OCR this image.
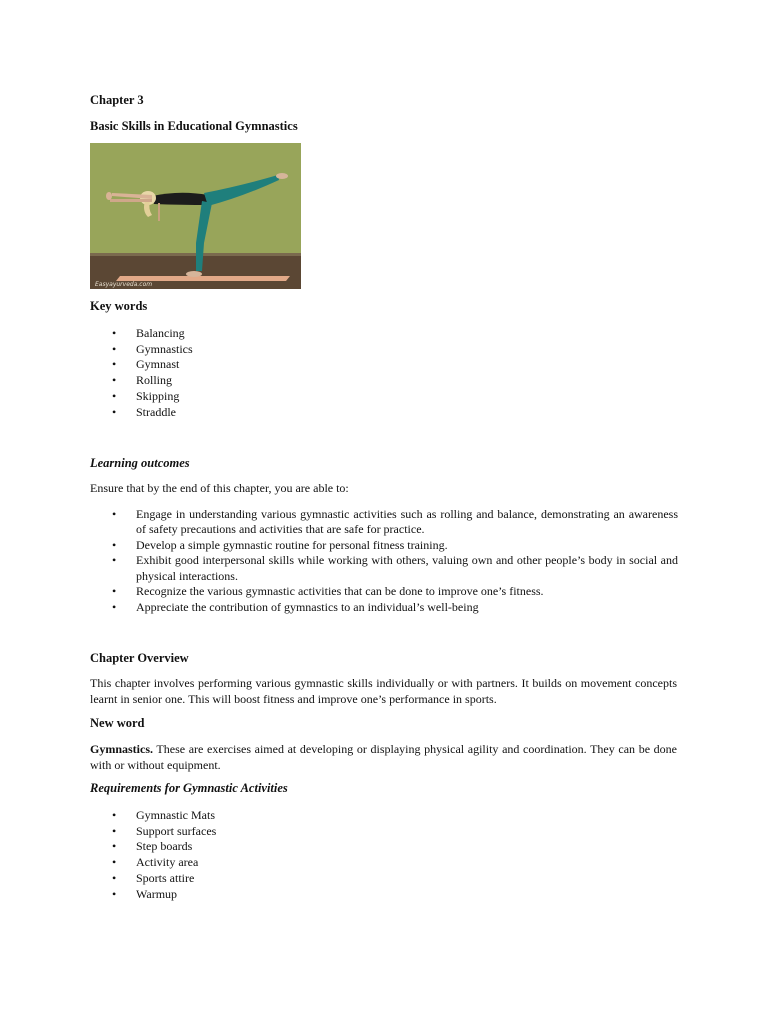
Chapter 3

Basic Skills in Educational Gymnastics

Easyayurveda.com

Key words

• Balancing
• Gymnastics
• Gymnast
• Rolling
• Skipping
• Straddle

Learning outcomes

Ensure that by the end of this chapter, you are able to:

• Engage in understanding various gymnastic activities such as rolling and balance, demonstrating an awareness of safety precautions and activities that are safe for practice.
• Develop a simple gymnastic routine for personal fitness training.
• Exhibit good interpersonal skills while working with others, valuing own and other people’s body in social and physical interactions.
• Recognize the various gymnastic activities that can be done to improve one’s fitness.
• Appreciate the contribution of gymnastics to an individual’s well-being

Chapter Overview

This chapter involves performing various gymnastic skills individually or with partners. It builds on movement concepts learnt in senior one. This will boost fitness and improve one’s performance in sports.

New word

Gymnastics. These are exercises aimed at developing or displaying physical agility and coordination. They can be done with or without equipment.

Requirements for Gymnastic Activities

• Gymnastic Mats
• Support surfaces
• Step boards
• Activity area
• Sports attire
• Warmup
